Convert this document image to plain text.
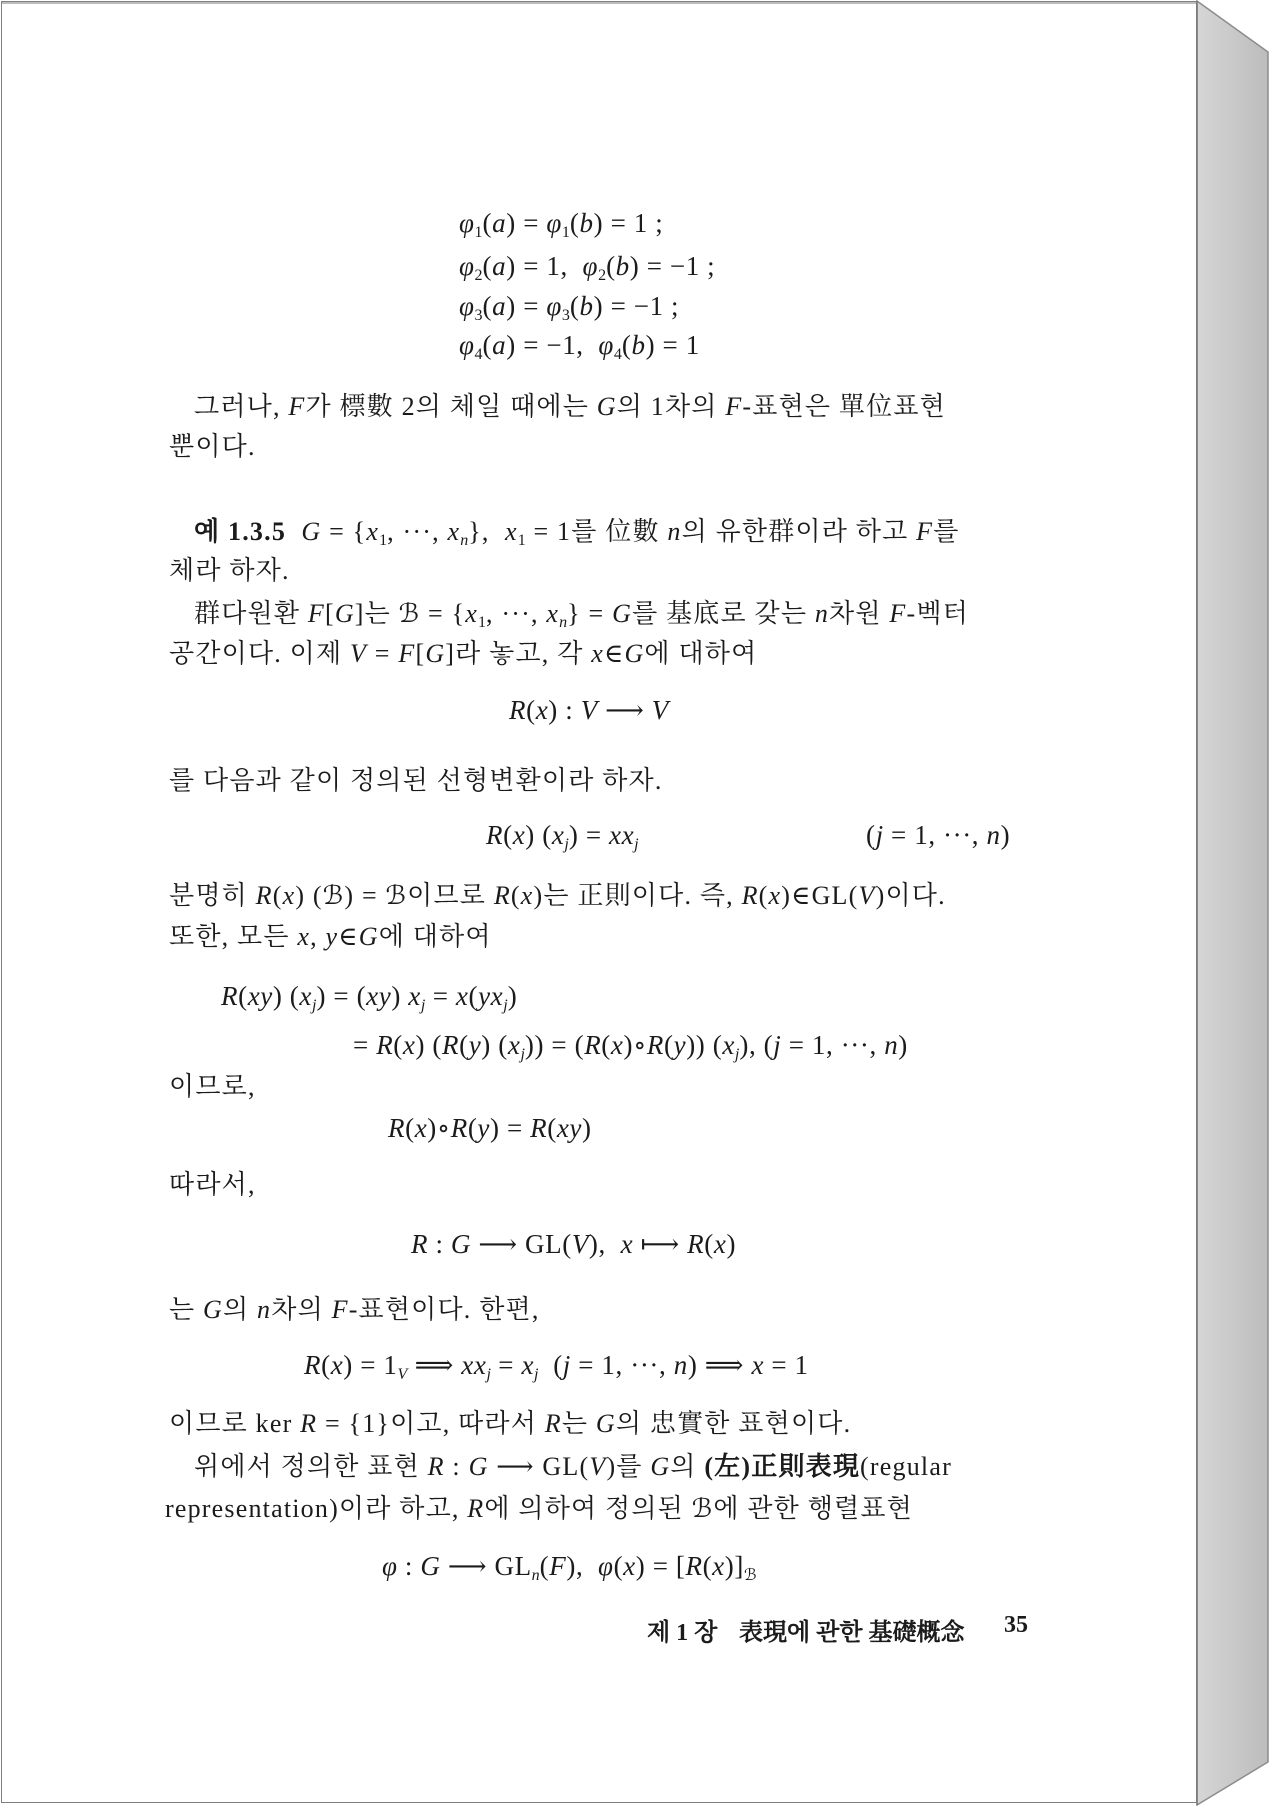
$\varphi_1(a) = \varphi_1(b) = 1$ ;
$\varphi_2(a) = 1$,  $\varphi_2(b) = -1$ ;
$\varphi_3(a) = \varphi_3(b) = -1$ ;
$\varphi_4(a) = -1$,  $\varphi_4(b) = 1$
그러나, F가 標數 2의 체일 때에는 G의 1차의 F-표현은 單位표현
뿐이다.
예 1.3.5  $G = \{x_1$, ···, $x_n$},  $x_1 = 1$를 位數 n의 유한群이라 하고 F를
체라 하자.
群다원환 F[G]는 ℬ = {$x_1$, ···, $x_n\} = G$를 基底로 갖는 n차원 F-벡터
공간이다. 이제 V = F[G]라 놓고, 각 x∈G에 대하여
R(x) : V ⟶ V
를 다음과 같이 정의된 선형변환이라 하자.
R(x) $(x_j) = xx_j$	(j = 1, ···, n)
분명히 R(x) (ℬ) = ℬ이므로 R(x)는 正則이다. 즉, R(x)∈GL(V)이다.
또한, 모든 x, y∈G에 대하여
R(xy) $(x_j) = (xy) x_j = x(yx_j)$
= R(x) (R(y) $(x_j)$) = (R(x)∘R(y)) $(x_j)$, (j = 1, ···, n)
이므로,
R(x)∘R(y) = R(xy)
따라서,
R : G ⟶ GL(V),  x ⟼ R(x)
는 G의 n차의 F-표현이다. 한편,
$R(x) = 1_V$ ⟹ $xx_j = x_j$  (j = 1, ···, n) ⟹ x = 1
이므로 ker R = {1}이고, 따라서 R는 G의 忠實한 표현이다.
위에서 정의한 표현 R : G ⟶ GL(V)를 G의 (左)正則表現(regular
representation)이라 하고, R에 의하여 정의된 ℬ에 관한 행렬표현
φ : G ⟶ $GL_n(F)$,  $\varphi(x) = [R(x)]_ℬ$
제 1 장 表現에 관한 基礎概念 35
